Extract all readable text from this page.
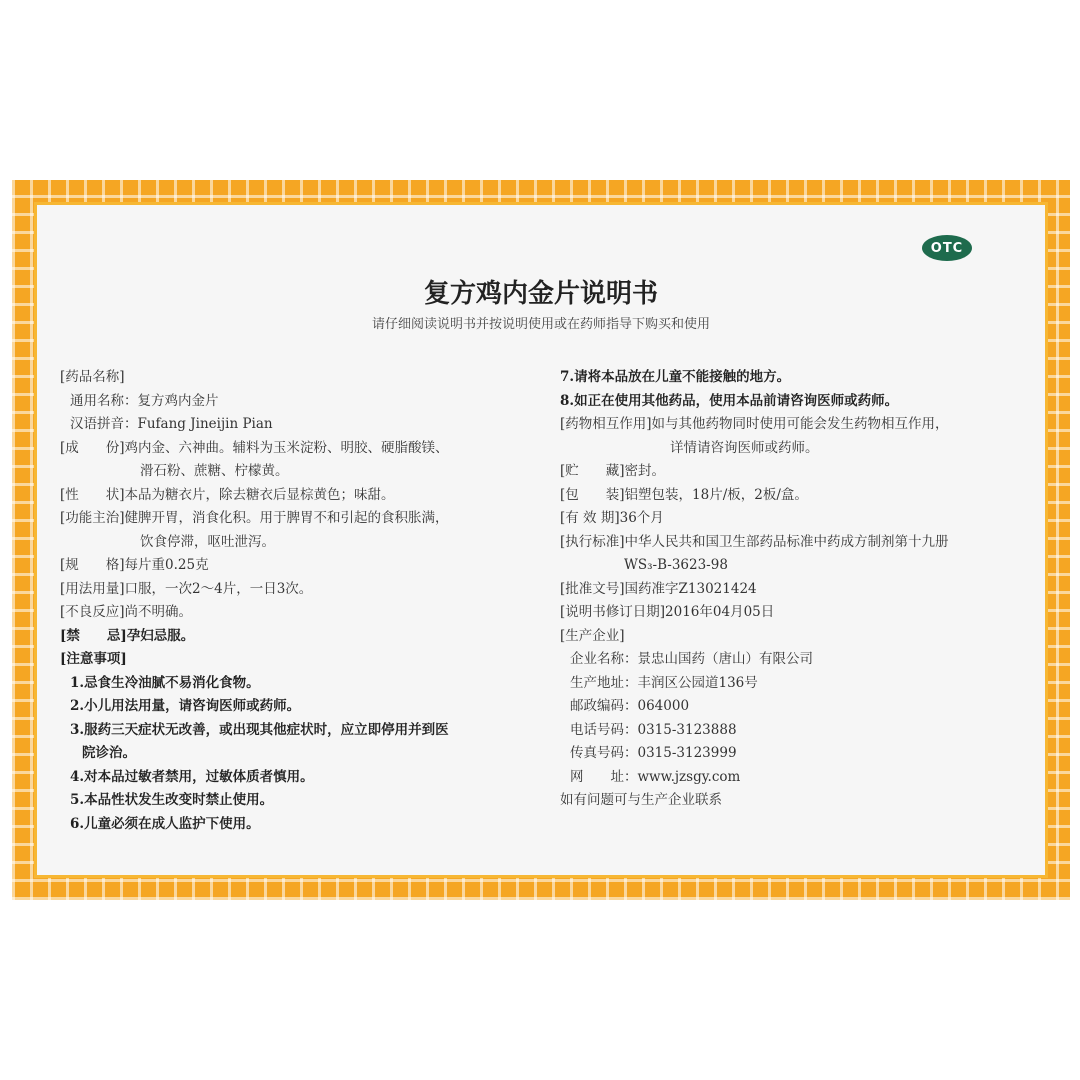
OTC
复方鸡内金片说明书
请仔细阅读说明书并按说明使用或在药师指导下购买和使用
[药品名称]
通用名称：复方鸡内金片
汉语拼音：Fufang Jineijin Pian
[成　　份]鸡内金、六神曲。辅料为玉米淀粉、明胶、硬脂酸镁、
滑石粉、蔗糖、柠檬黄。
[性　　状]本品为糖衣片，除去糖衣后显棕黄色；味甜。
[功能主治]健脾开胃，消食化积。用于脾胃不和引起的食积胀满，
饮食停滞，呕吐泄泻。
[规　　格]每片重0.25克
[用法用量]口服，一次2～4片，一日3次。
[不良反应]尚不明确。
[禁　　忌]孕妇忌服。
[注意事项]
1.忌食生冷油腻不易消化食物。
2.小儿用法用量，请咨询医师或药师。
3.服药三天症状无改善，或出现其他症状时，应立即停用并到医
院诊治。
4.对本品过敏者禁用，过敏体质者慎用。
5.本品性状发生改变时禁止使用。
6.儿童必须在成人监护下使用。
7.请将本品放在儿童不能接触的地方。
8.如正在使用其他药品，使用本品前请咨询医师或药师。
[药物相互作用]如与其他药物同时使用可能会发生药物相互作用，
详情请咨询医师或药师。
[贮　　藏]密封。
[包　　装]铝塑包装，18片/板，2板/盒。
[有 效 期]36个月
[执行标准]中华人民共和国卫生部药品标准中药成方制剂第十九册
WS₃-B-3623-98
[批准文号]国药准字Z13021424
[说明书修订日期]2016年04月05日
[生产企业]
企业名称：景忠山国药（唐山）有限公司
生产地址：丰润区公园道136号
邮政编码：064000
电话号码：0315-3123888
传真号码：0315-3123999
网　　址：www.jzsgy.com
如有问题可与生产企业联系
